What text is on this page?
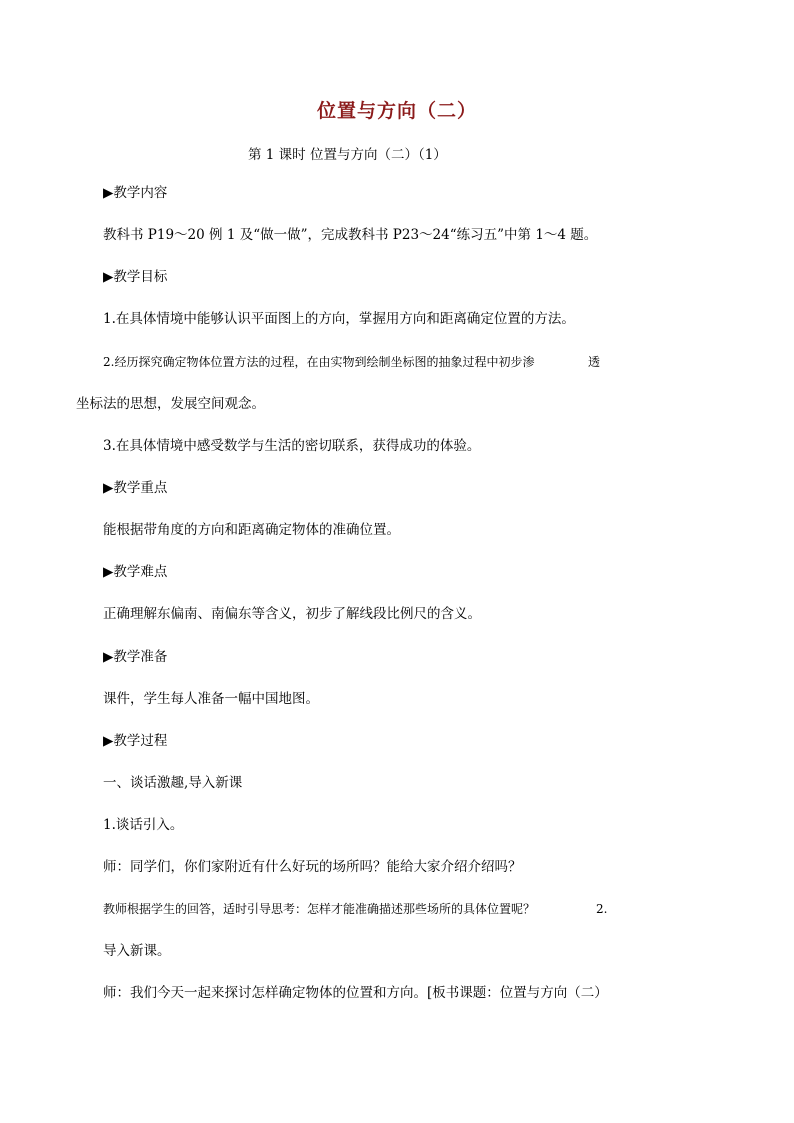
位置与方向（二）
第 1 课时 位置与方向（二）（1）
▶教学内容
教科书 P19～20 例 1 及“做一做”，完成教科书 P23～24“练习五”中第 1～4 题。
▶教学目标
1.在具体情境中能够认识平面图上的方向，掌握用方向和距离确定位置的方法。
2.经历探究确定物体位置方法的过程，在由实物到绘制坐标图的抽象过程中初步渗	透
坐标法的思想，发展空间观念。
3.在具体情境中感受数学与生活的密切联系，获得成功的体验。
▶教学重点
能根据带角度的方向和距离确定物体的准确位置。
▶教学难点
正确理解东偏南、南偏东等含义，初步了解线段比例尺的含义。
▶教学准备
课件，学生每人准备一幅中国地图。
▶教学过程
一、谈话激趣,导入新课
1.谈话引入。
师：同学们，你们家附近有什么好玩的场所吗？能给大家介绍介绍吗？
教师根据学生的回答，适时引导思考：怎样才能准确描述那些场所的具体位置呢？	2.
导入新课。
师：我们今天一起来探讨怎样确定物体的位置和方向。[板书课题：位置与方向（二）
